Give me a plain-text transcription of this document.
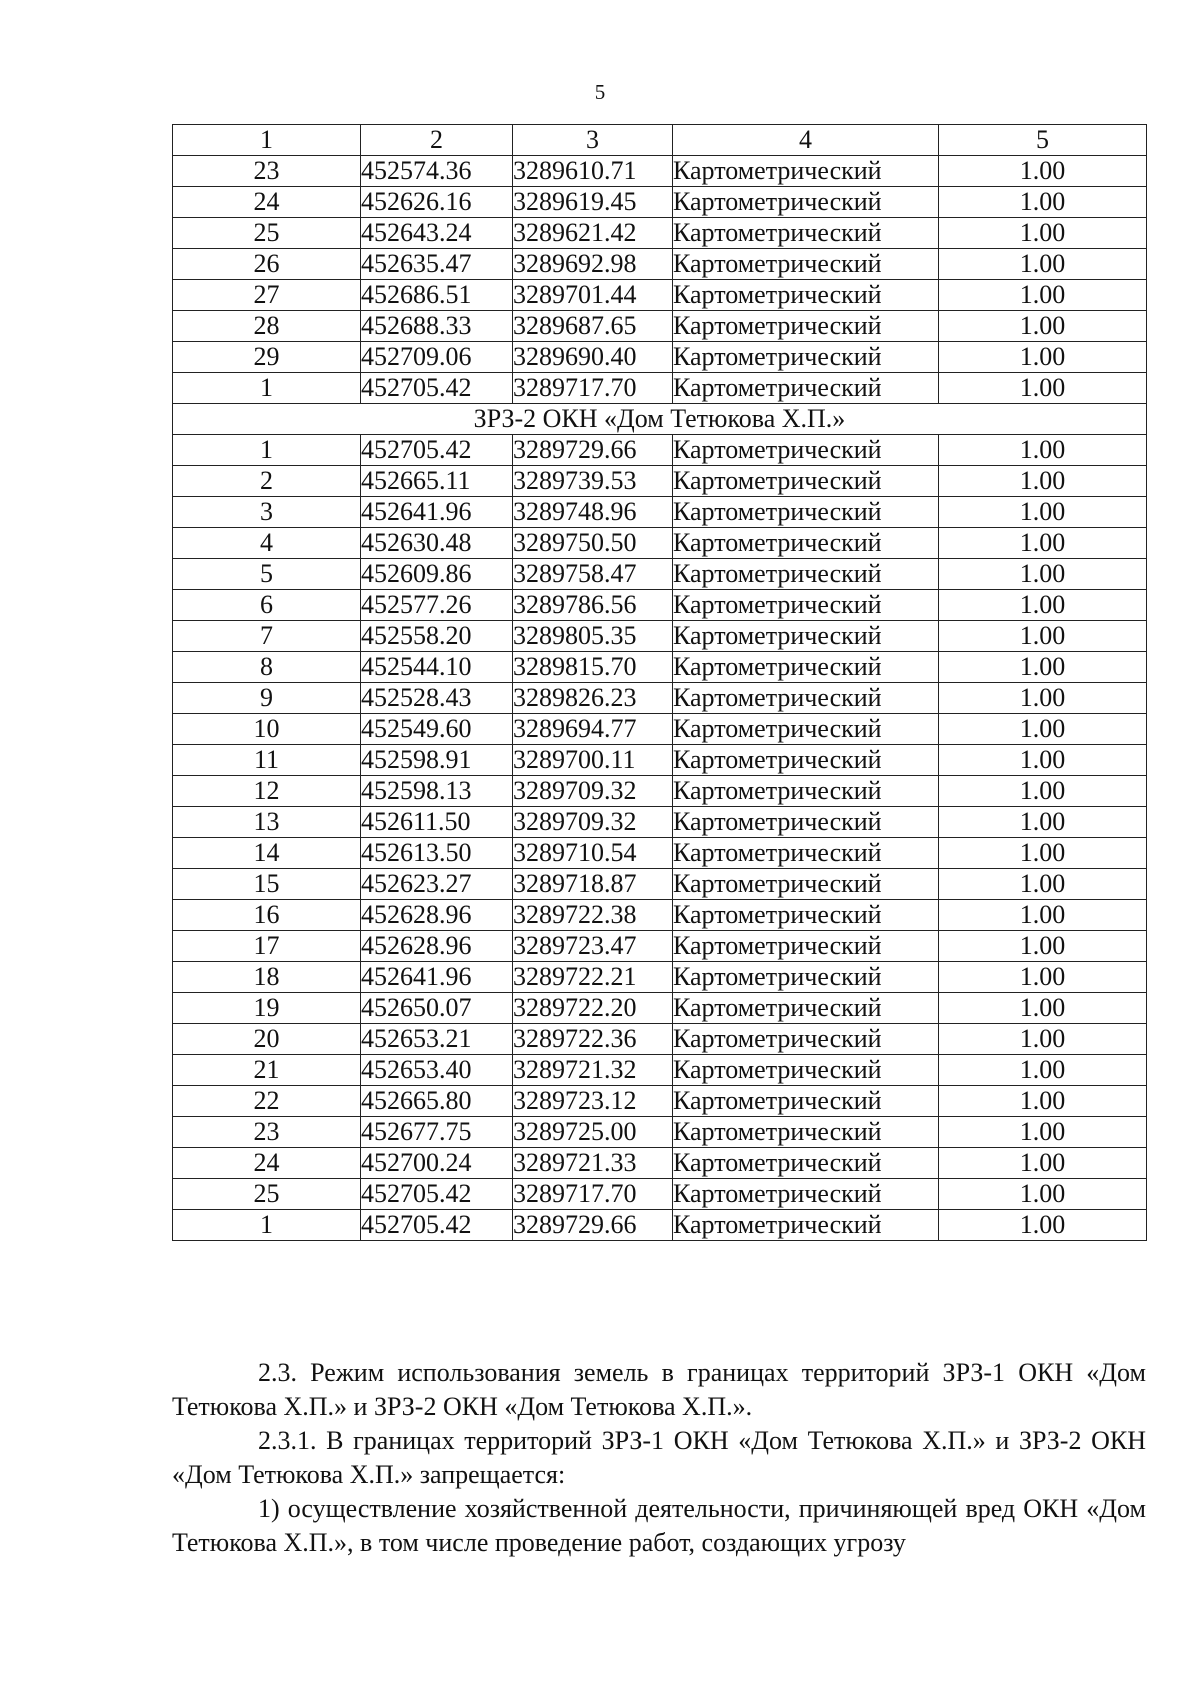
5
1	2	3	4	5
23	452574.36	3289610.71	Картометрический	1.00
24	452626.16	3289619.45	Картометрический	1.00
25	452643.24	3289621.42	Картометрический	1.00
26	452635.47	3289692.98	Картометрический	1.00
27	452686.51	3289701.44	Картометрический	1.00
28	452688.33	3289687.65	Картометрический	1.00
29	452709.06	3289690.40	Картометрический	1.00
1	452705.42	3289717.70	Картометрический	1.00
ЗРЗ-2 ОКН «Дом Тетюкова Х.П.»				
1	452705.42	3289729.66	Картометрический	1.00
2	452665.11	3289739.53	Картометрический	1.00
3	452641.96	3289748.96	Картометрический	1.00
4	452630.48	3289750.50	Картометрический	1.00
5	452609.86	3289758.47	Картометрический	1.00
6	452577.26	3289786.56	Картометрический	1.00
7	452558.20	3289805.35	Картометрический	1.00
8	452544.10	3289815.70	Картометрический	1.00
9	452528.43	3289826.23	Картометрический	1.00
10	452549.60	3289694.77	Картометрический	1.00
11	452598.91	3289700.11	Картометрический	1.00
12	452598.13	3289709.32	Картометрический	1.00
13	452611.50	3289709.32	Картометрический	1.00
14	452613.50	3289710.54	Картометрический	1.00
15	452623.27	3289718.87	Картометрический	1.00
16	452628.96	3289722.38	Картометрический	1.00
17	452628.96	3289723.47	Картометрический	1.00
18	452641.96	3289722.21	Картометрический	1.00
19	452650.07	3289722.20	Картометрический	1.00
20	452653.21	3289722.36	Картометрический	1.00
21	452653.40	3289721.32	Картометрический	1.00
22	452665.80	3289723.12	Картометрический	1.00
23	452677.75	3289725.00	Картометрический	1.00
24	452700.24	3289721.33	Картометрический	1.00
25	452705.42	3289717.70	Картометрический	1.00
1	452705.42	3289729.66	Картометрический	1.00
2.3. Режим использования земель в границах территорий ЗРЗ-1 ОКН «Дом Тетюкова Х.П.» и ЗРЗ-2 ОКН «Дом Тетюкова Х.П.».
2.3.1. В границах территорий ЗРЗ-1 ОКН «Дом Тетюкова Х.П.» и ЗРЗ-2 ОКН «Дом Тетюкова Х.П.» запрещается:
1) осуществление хозяйственной деятельности, причиняющей вред ОКН «Дом Тетюкова Х.П.», в том числе проведение работ, создающих угрозу
